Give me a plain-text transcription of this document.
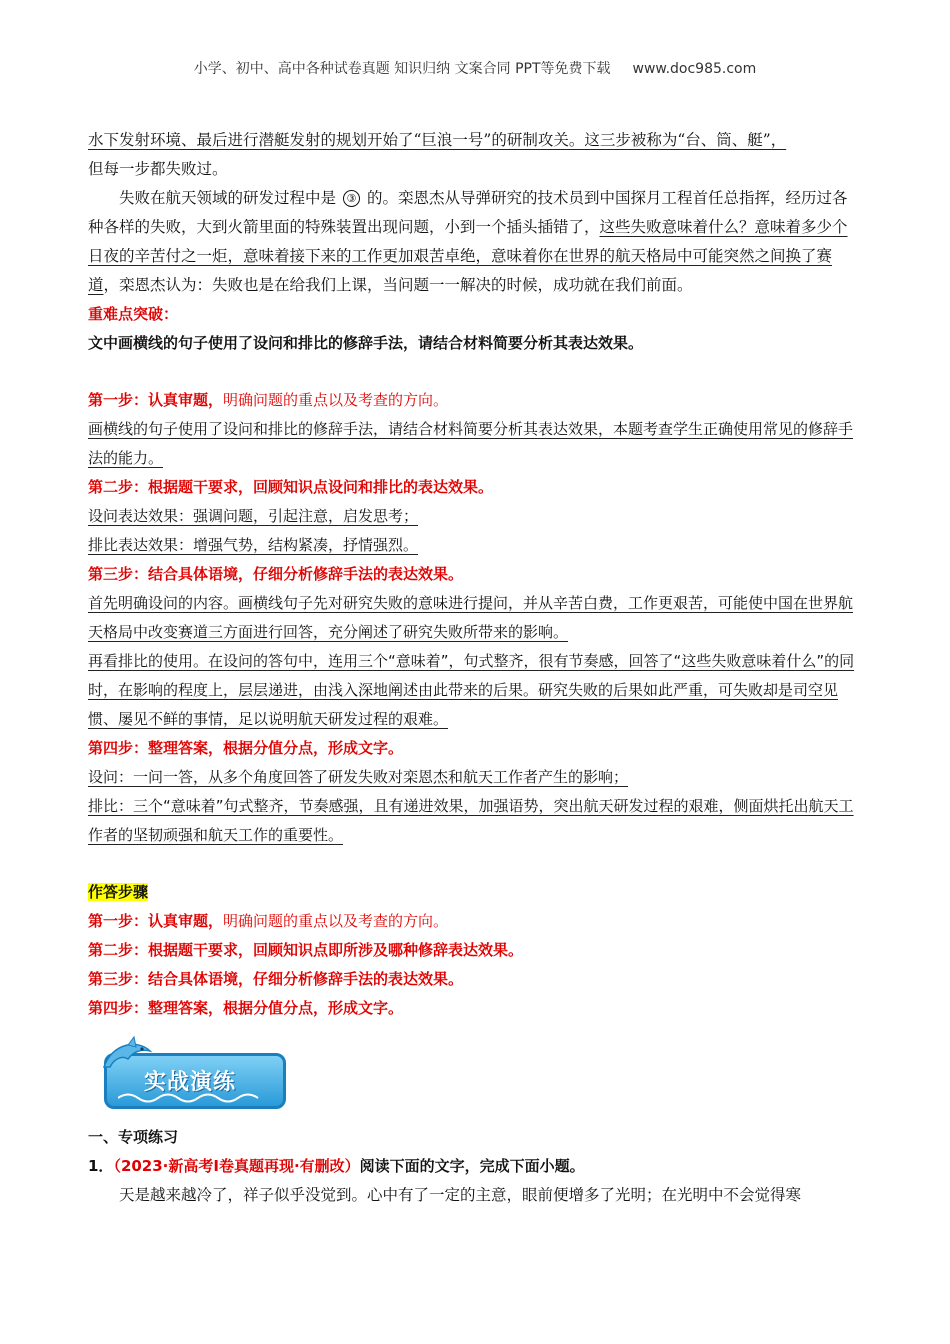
小学、初中、高中各种试卷真题 知识归纳 文案合同 PPT等免费下载 www.doc985.com

水下发射环境、最后进行潜艇发射的规划开始了“巨浪一号”的研制攻关。这三步被称为“台、筒、艇”，
但每一步都失败过。

失败在航天领域的研发过程中是 ③ 的。栾恩杰从导弹研究的技术员到中国探月工程首任总指挥，经历过各种各样的失败，大到火箭里面的特殊装置出现问题，小到一个插头插错了，这些失败意味着什么？意味着多少个日夜的辛苦付之一炬，意味着接下来的工作更加艰苦卓绝，意味着你在世界的航天格局中可能突然之间换了赛道，栾恩杰认为：失败也是在给我们上课，当问题一一解决的时候，成功就在我们前面。

重难点突破：

文中画横线的句子使用了设问和排比的修辞手法，请结合材料简要分析其表达效果。

第一步：认真审题，明确问题的重点以及考查的方向。

画横线的句子使用了设问和排比的修辞手法，请结合材料简要分析其表达效果，本题考查学生正确使用常见的修辞手法的能力。

第二步：根据题干要求，回顾知识点设问和排比的表达效果。

设问表达效果：强调问题，引起注意，启发思考；

排比表达效果：增强气势，结构紧凑，抒情强烈。

第三步：结合具体语境，仔细分析修辞手法的表达效果。

首先明确设问的内容。画横线句子先对研究失败的意味进行提问，并从辛苦白费，工作更艰苦，可能使中国在世界航天格局中改变赛道三方面进行回答，充分阐述了研究失败所带来的影响。

再看排比的使用。在设问的答句中，连用三个“意味着”，句式整齐，很有节奏感，回答了“这些失败意味着什么”的同时，在影响的程度上，层层递进，由浅入深地阐述由此带来的后果。研究失败的后果如此严重，可失败却是司空见惯、屡见不鲜的事情，足以说明航天研发过程的艰难。

第四步：整理答案，根据分值分点，形成文字。

设问：一问一答，从多个角度回答了研发失败对栾恩杰和航天工作者产生的影响；

排比：三个“意味着”句式整齐，节奏感强，且有递进效果，加强语势，突出航天研发过程的艰难，侧面烘托出航天工作者的坚韧顽强和航天工作的重要性。

作答步骤

第一步：认真审题，明确问题的重点以及考查的方向。

第二步：根据题干要求，回顾知识点即所涉及哪种修辞表达效果。

第三步：结合具体语境，仔细分析修辞手法的表达效果。

第四步：整理答案，根据分值分点，形成文字。

实战演练

一、专项练习

1．（2023·新高考Ⅰ卷真题再现·有删改）阅读下面的文字，完成下面小题。

天是越来越冷了，祥子似乎没觉到。心中有了一定的主意，眼前便增多了光明；在光明中不会觉得寒
